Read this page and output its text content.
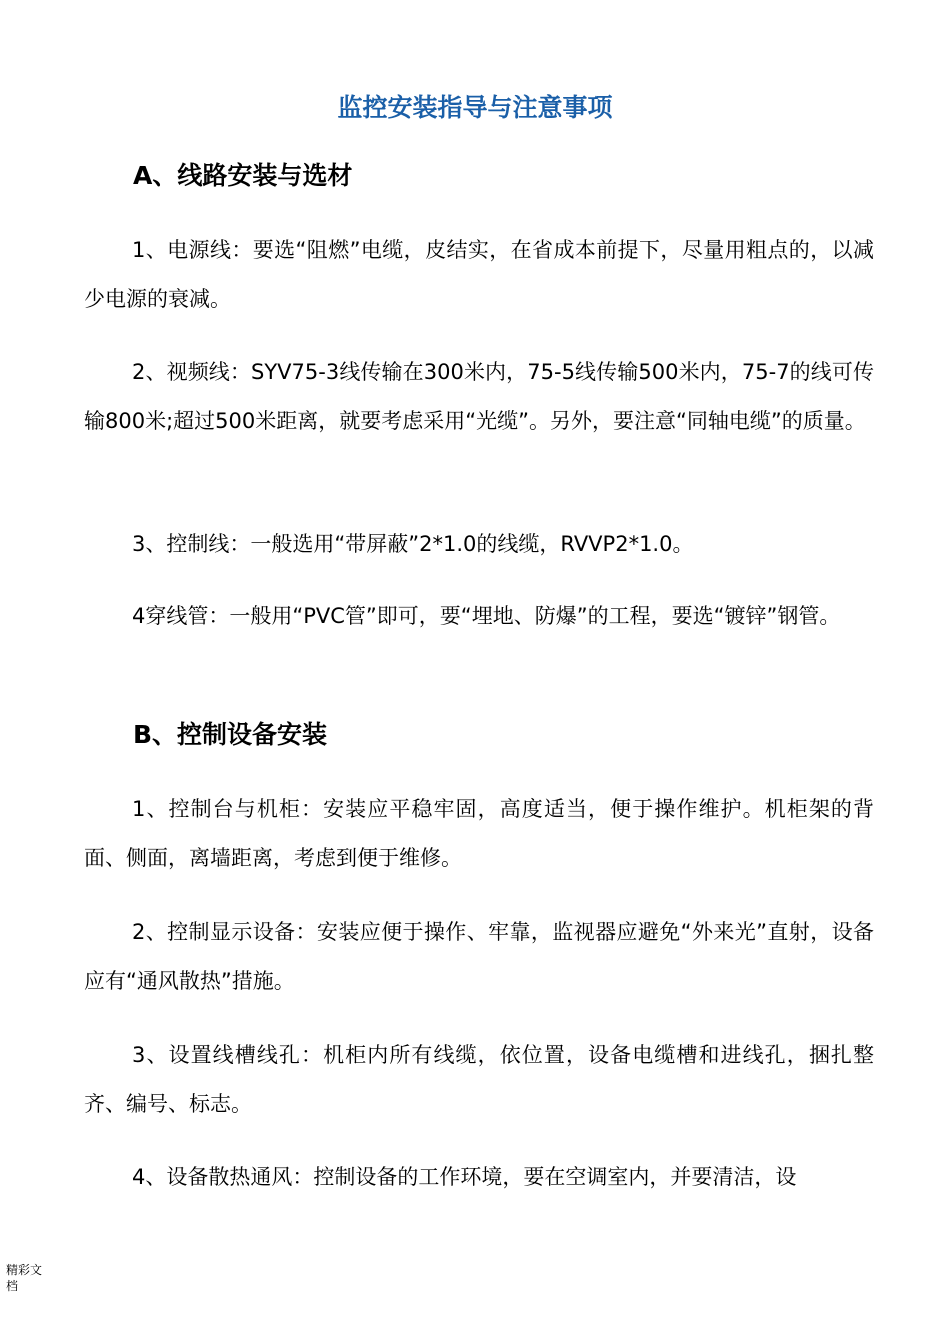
监控安装指导与注意事项
A、线路安装与选材

1、电源线：要选“阻燃”电缆，皮结实，在省成本前提下，尽量用粗点的，以减少电源的衰减。

2、视频线：SYV75-3线传输在300米内，75-5线传输500米内，75-7的线可传输800米;超过500米距离，就要考虑采用“光缆”。另外，要注意“同轴电缆”的质量。

3、控制线：一般选用“带屏蔽”2*1.0的线缆，RVVP2*1.0。

4穿线管：一般用“PVC管”即可，要“埋地、防爆”的工程，要选“镀锌”钢管。

B、控制设备安装

1、控制台与机柜：安装应平稳牢固，高度适当，便于操作维护。机柜架的背面、侧面，离墙距离，考虑到便于维修。

2、控制显示设备：安装应便于操作、牢靠，监视器应避免“外来光”直射，设备应有“通风散热”措施。

3、设置线槽线孔：机柜内所有线缆，依位置，设备电缆槽和进线孔，捆扎整齐、编号、标志。

4、设备散热通风：控制设备的工作环境，要在空调室内，并要清洁，设

精彩文档
